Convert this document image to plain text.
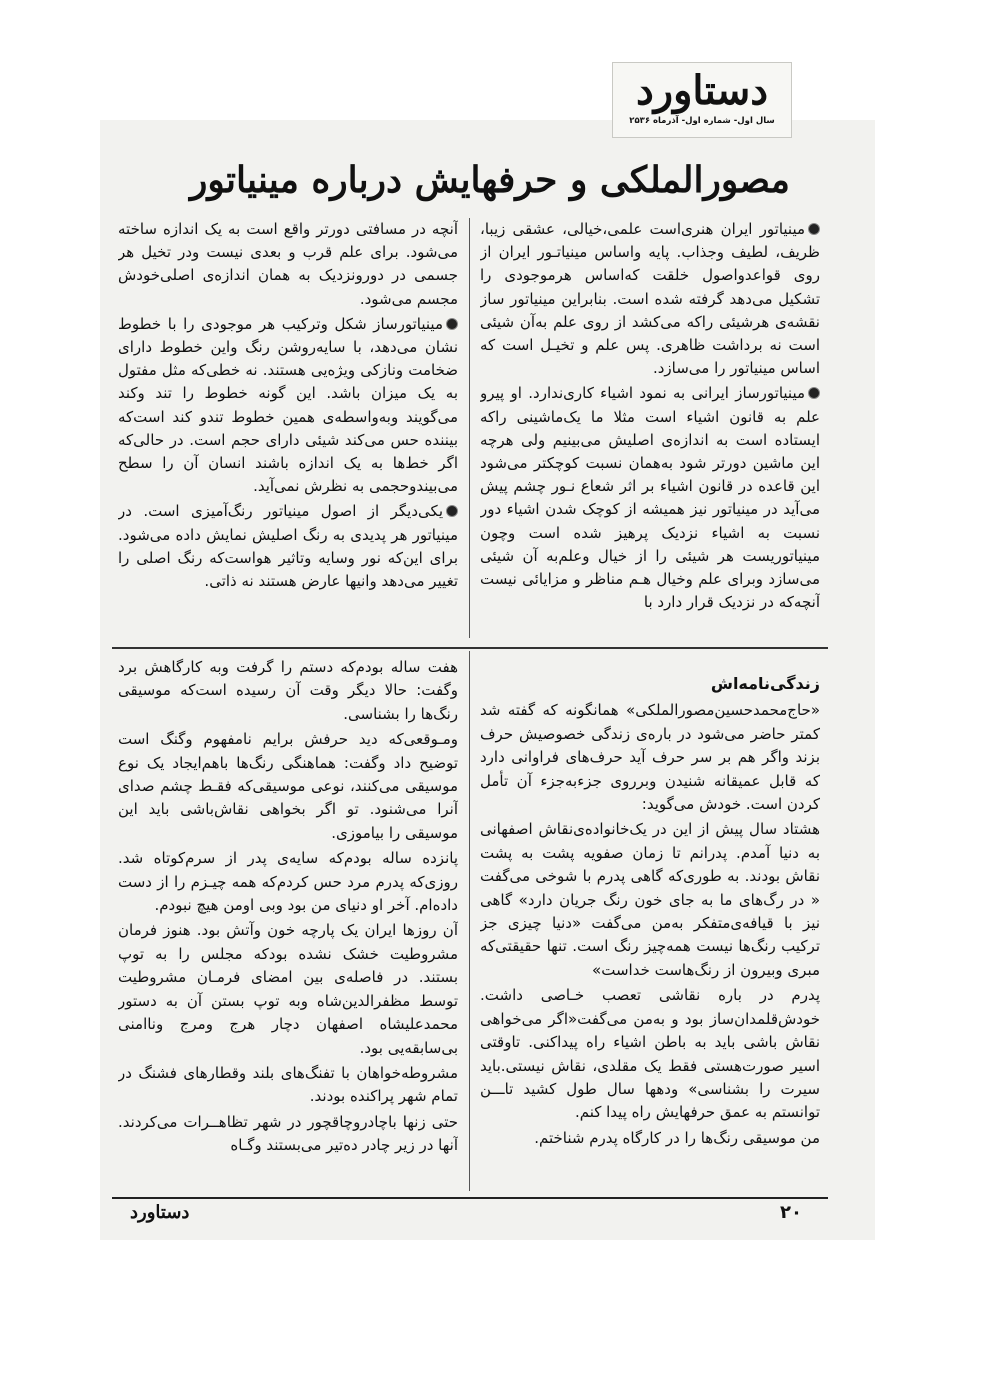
دستاورد
سال اول- شماره اول- آذرماه ۲۵۳۶
مصورالملکی و حرفهایش درباره مینیاتور

مینیاتور ایران هنری‌است علمی،خیالی، عشقی زیبا، ظریف، لطیف وجذاب. پایه واساس مینیاتـور ایران از روی قواعدواصول خلقت که‌اساس هرموجودی را تشکیل می‌دهد گرفته شده است. بنابراین مینیاتور ساز نقشه‌ی هرشیئی راکه می‌کشد از روی علم به‌آن شیئی است نه برداشت ظاهری. پس علم و تخیـل است که اساس مینیاتور را می‌سازد.

مینیاتورساز ایرانی به نمود اشیاء کاری‌ندارد. او پیرو علم به قانون اشیاء است مثلا ما یک‌ماشینی راکه ایستاده است به اندازه‌ی اصلیش می‌بینیم ولی هرچه این ماشین دورتر شود به‌همان نسبت کوچکتر می‌شود این قاعده در قانون اشیاء بر اثر شعاع نـور چشم پیش می‌آید در مینیاتور نیز همیشه از کوچک شدن اشیاء دور نسبت به اشیاء نزدیک پرهیز شده است وچون مینیاتوریست هر شیئی را از خیال وعلم‌به آن شیئی می‌سازد وبرای علم وخیال هـم مناظر و مزایائی نیست آنچه‌که در نزدیک قرار دارد با

آنچه در مسافتی دورتر واقع است به یک اندازه ساخته می‌شود. برای علم قرب و بعدی نیست ودر تخیل هر جسمی در دورونزدیک به همان اندازه‌ی اصلی‌خودش مجسم می‌شود.

مینیاتورساز شکل وترکیب هر موجودی را با خطوط نشان می‌دهد، با سایه‌روشن رنگ واین خطوط دارای ضخامت ونازکی ویژه‌یی هستند. نه خطی‌که مثل مفتول به یک میزان باشد. این گونه خطوط را تند وکند می‌گویند وبه‌واسطه‌ی همین خطوط تندو کند است‌که بیننده حس می‌کند شیئی دارای حجم است. در حالی‌که اگر خط‌ها به یک اندازه باشند انسان آن را سطح می‌بیندوحجمی به نظرش نمی‌آید.

یکی‌دیگر از اصول مینیاتور رنگ‌آمیزی است. در مینیاتور هر پدیدی به رنگ اصلیش نمایش داده می‌شود. برای این‌که نور وسایه وتاثیر هواست‌که رنگ اصلی را تغییر می‌دهد وانیها عارض هستند نه ذاتی.

زندگی‌نامه‌اش

«حاج‌محمدحسین‌مصورالملکی» همانگونه که گفته شد کمتر حاضر می‌شود در باره‌ی زندگی خصوصیش حرف بزند واگر هم بر سر حرف آید حرف‌های فراوانی دارد که قابل عمیقانه شنیدن وبرروی جزءبه‌جزء آن تأمل کردن است. خودش می‌گوید:

هشتاد سال پیش از این در یک‌خانواده‌ی‌نقاش اصفهانی به دنیا آمدم. پدرانم تا زمان صفویه پشت به پشت نقاش بودند. به طوری‌که گاهی پدرم با شوخی می‌گفت « در رگ‌های ما به جای خون رنگ جریان دارد» گاهی نیز با قیافه‌ی‌متفکر به‌من می‌گفت «دنیا چیزی جز ترکیب رنگ‌ها نیست همه‌چیز رنگ است. تنها حقیقتی‌که مبری وبیرون از رنگ‌هاست خداست»

پدرم در باره نقاشی تعصب خـاصی داشت. خودش‌قلمدان‌ساز بود و به‌من می‌گفت«اگر می‌خواهی نقاش باشی باید به باطن اشیاء راه پیداکنی. تاوقتی اسیر صورت‌هستی فقط یک مقلدی، نقاش نیستی.باید سیرت را بشناسی» ودهها سال طول کشید تاـــن توانستم به عمق حرفهایش راه پیدا کنم.

من موسیقی رنگ‌ها را در کارگاه پدرم شناختم.

هفت ساله بودم‌که دستم را گرفت وبه کارگاهش برد وگفت: حالا دیگر وقت آن رسیده است‌که موسیقی رنگ‌ها را بشناسی.

ومـوقعی‌که دید حرفش برایم نامفهوم وگنگ است توضیح داد وگفت: هماهنگی رنگ‌ها باهم‌ایجاد یک نوع موسیقی می‌کنند، نوعی موسیقی‌که فقـط چشم صدای آنرا می‌شنود. تو اگر بخواهی نقاش‌باشی باید این موسیقی را بیاموزی.

پانزده ساله بودم‌که سایه‌ی پدر از سرم‌کوتاه شد. روزی‌که پدرم مرد حس کردم‌که همه چیـزم را از دست داده‌ام. آخر او دنیای من بود وبی اومن هیچ نبودم.

آن روزها ایران یک پارچه خون وآتش بود. هنوز فرمان مشروطیت خشک نشده بودکه مجلس را به توپ بستند. در فاصله‌ی بین امضای فرمـان مشروطیت توسط مظفرالدین‌شاه وبه توپ بستن آن به دستور محمدعلیشاه اصفهان دچار هرج ومرج وناامنی بی‌سابقه‌یی بود.

مشروطه‌خواهان با تفنگ‌های بلند وقطارهای فشنگ در تمام شهر پراکنده بودند.

حتی زنها باچادروچاقچور در شهر تظاهــرات می‌کردند. آنها در زیر چادر دەتیر می‌بستند وگـاه

دستاورد	۲۰
